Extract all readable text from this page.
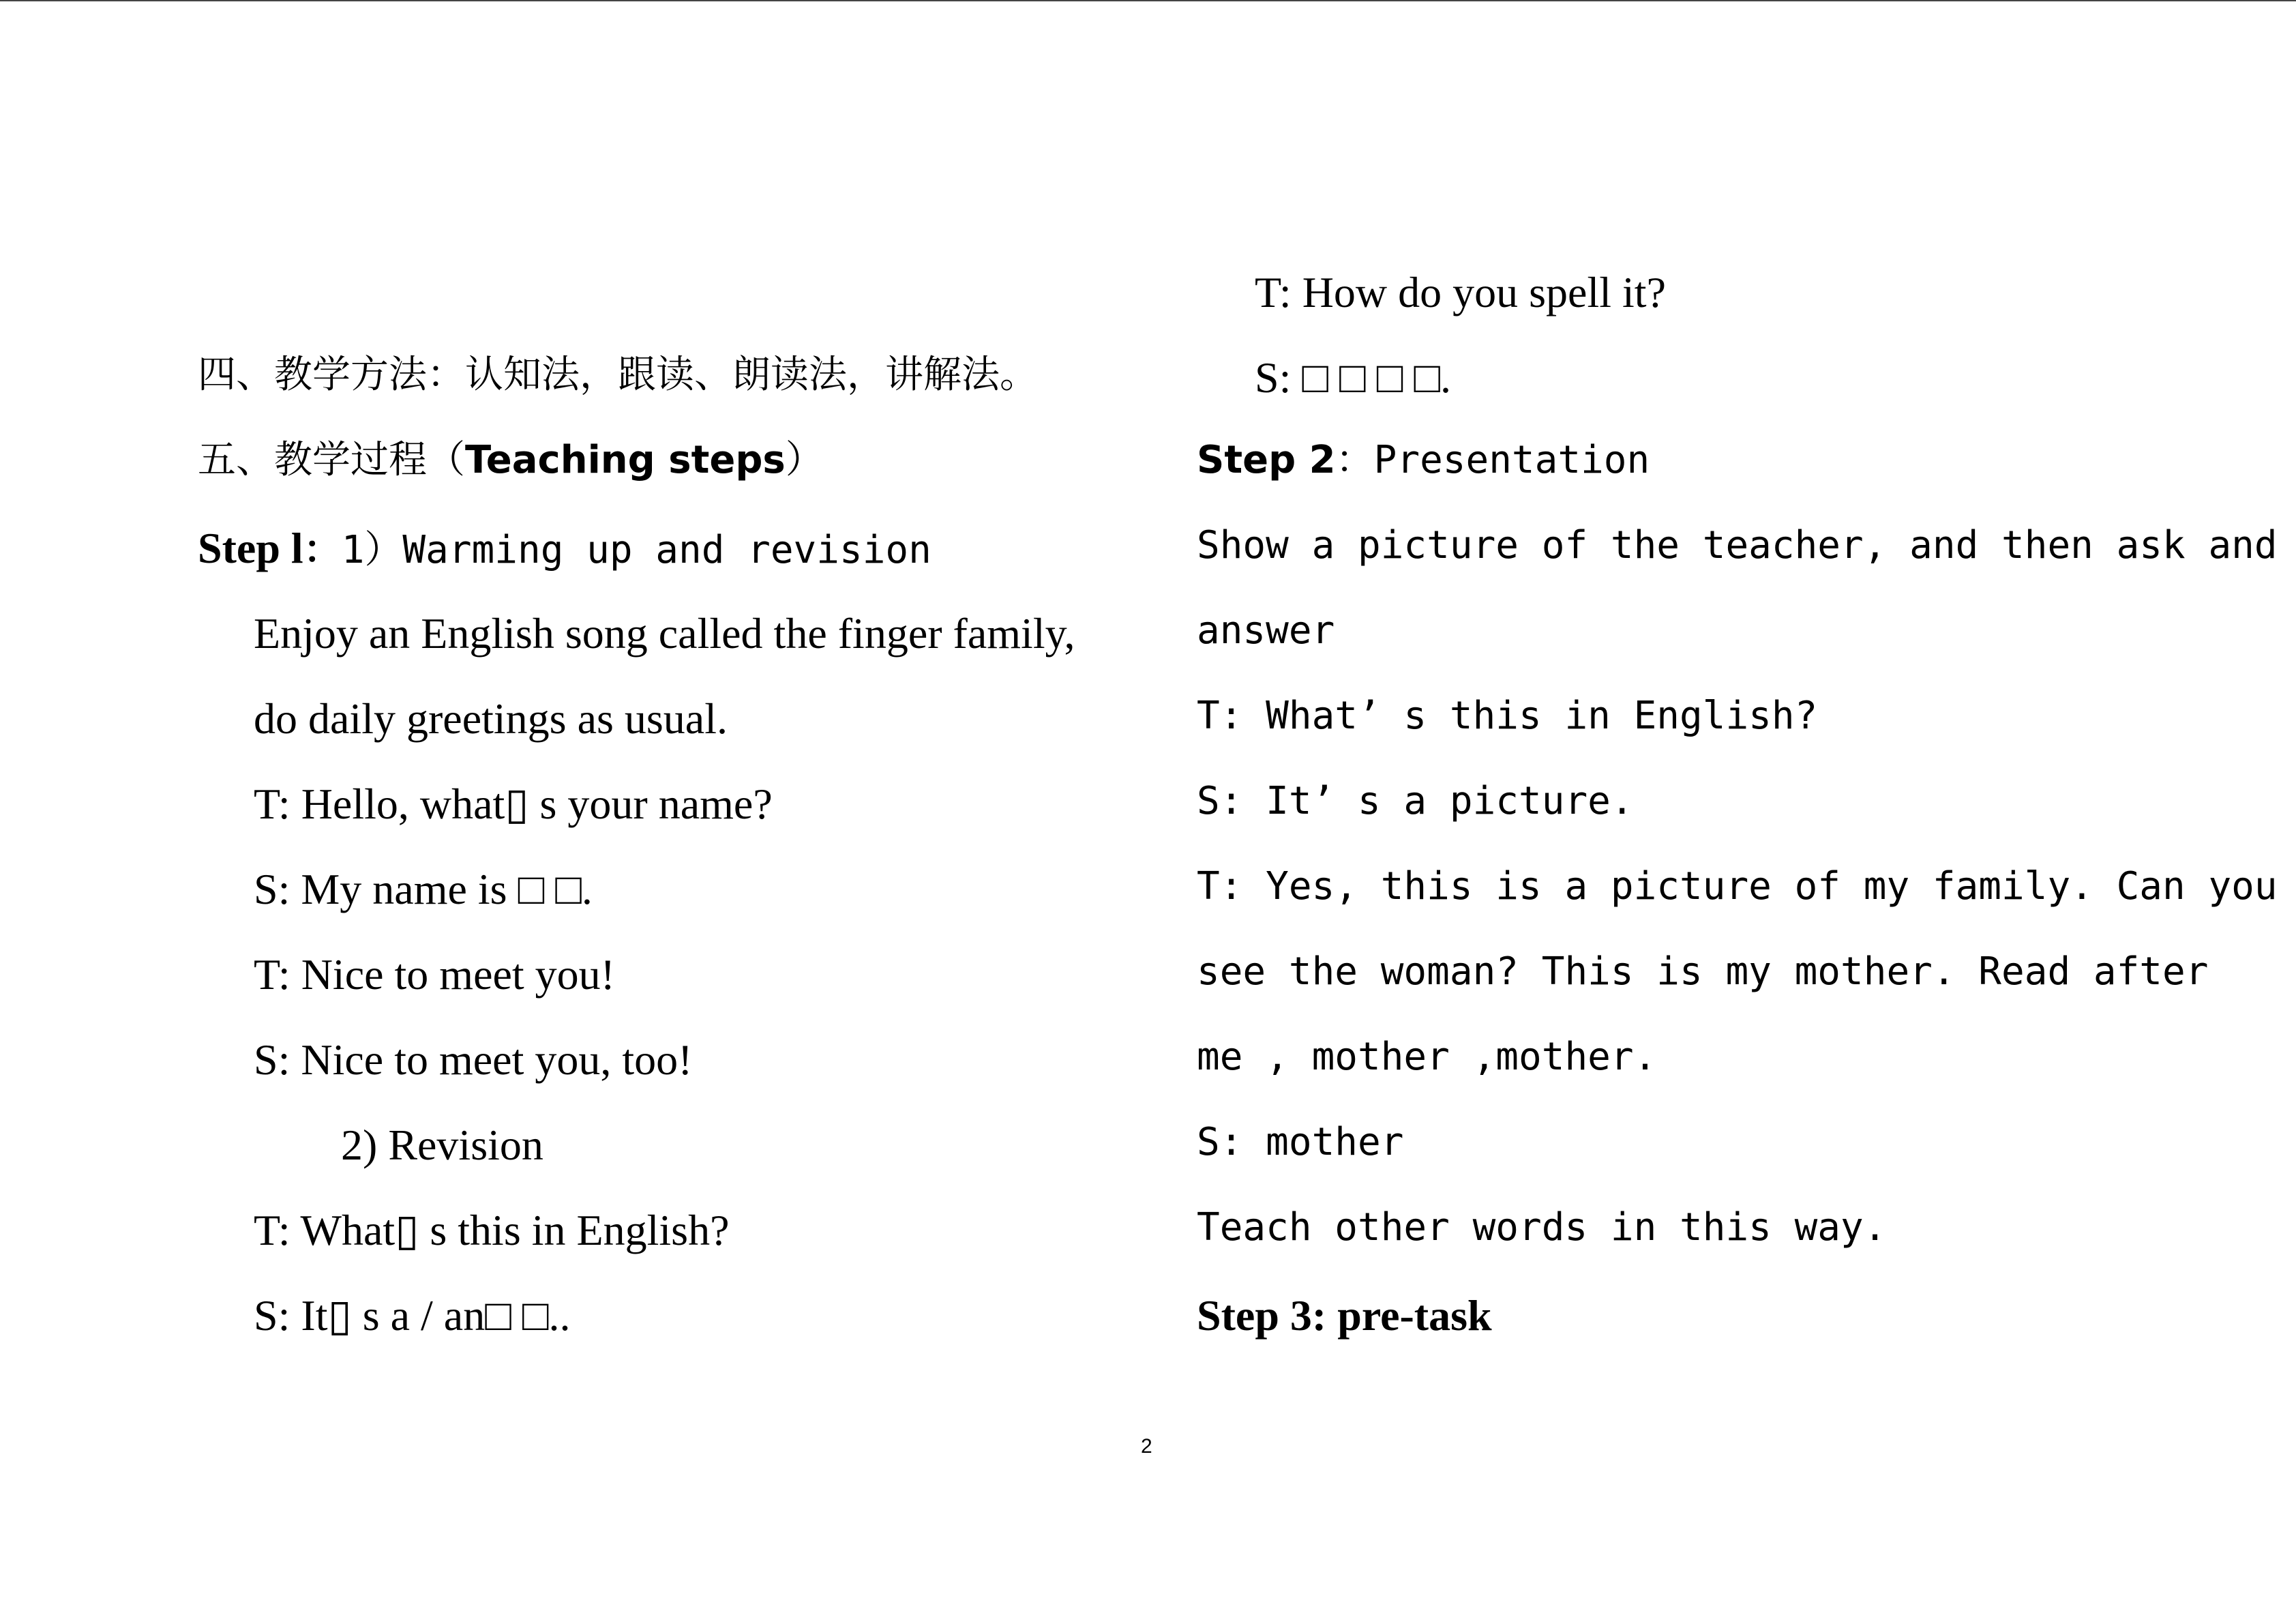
四、教学方法：认知法，跟读、朗读法，讲解法。
五、教学过程（Teaching steps）
Step l：1）Warming up and revision
Enjoy an English song called the finger family,
do daily greetings as usual.
T: Hello, what▯ s your name?
S: My name is □ □.
T: Nice to meet you!
S: Nice to meet you, too!
2) Revision
T: What▯ s this in English?
S: It▯ s a / an□ □..
T: How do you spell it?
S: □ □ □ □.
Step 2：Presentation
Show a picture of the teacher, and then ask and
answer
T: What’ s this in English?
S: It’ s a picture.
T: Yes, this is a picture of my family. Can you
see the woman? This is my mother. Read after
me , mother ,mother.
S: mother
Teach other words in this way.
Step 3: pre-task
2
